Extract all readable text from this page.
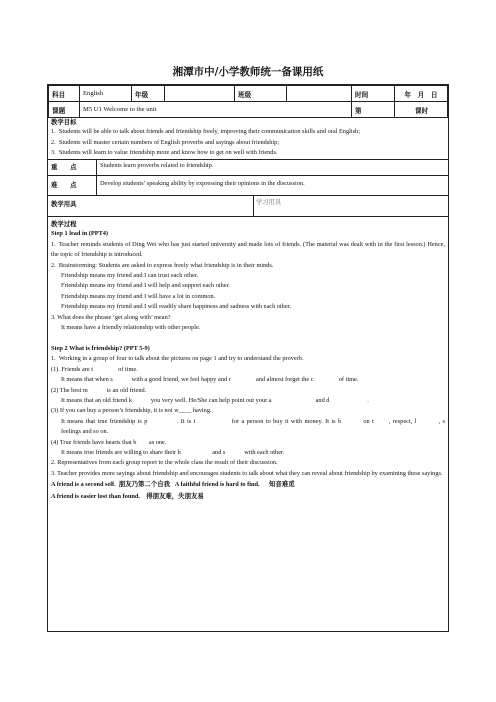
湘潭市中/小学教师统一备课用纸
科目	English	年级		班级		时间	年　月　日
课题	M5 U1 Welcome to the unit					第	课时
教学目标

1. Students will be able to talk about friends and friendship freely, improving their communication skills and oral English;

2. Students will master certain numbers of English proverbs and sayings about friendship;

3. Students will learn to value friendship more and know how to get on well with friends.

重　　点	Students learn proverbs related to friendship.
难　　点	Develop students’ speaking ability by expressing their opinions in the discussion.
教学用具	学习用具
教学过程

Step 1 lead in (PPT4)

1. Teacher reminds students of Ding Wei who has just started university and made lots of friends. (The material was dealt with in the first lesson.) Hence, the topic of friendship is introduced.

2. Brainstorming: Students are asked to express freely what friendship is in their minds.

Friendship means my friend and I can trust each other.

Friendship means my friend and I will help and support each other.

Friendship means my friend and I will have a lot in common.

Friendship means my friend and I will readily share happiness and sadness with each other.

3. What does the phrase ‘get along with’ mean?

It means have a friendly relationship with other people.

Step 2 What is friendship? (PPT 5-9)

1. Working in a group of four to talk about the pictures on page 1 and try to understand the proverb.

(1). Friends are t　　　　of time.

It means that when s　　　with a good friend, we feel happy and r　　　　and almost forget the c　　　　of time.

(2) The best m　　　is an old friend.

It means that an old friend k　　　you very well. He/She can help point out your a　　　　　　　and d　　　　　　.

(3) If you can buy a person’s friendship, it is not w____ having.

It means that true friendship is p　　　　. It is i　　　　　for a person to buy it with money. It is b　　　on t　　, respect, l　　　, s　　　feelings and so on.

(4) True friends have hearts that b　　as one.

It means true friends are willing to share their h　　　　　and s　　　with each other.

2. Representatives from each group report to the whole class the result of their discussion.

3. Teacher provides more sayings about friendship and encourages students to talk about what they can reveal about friendship by examining these sayings.

A friend is a second self. 朋友乃第二个自我 A faithful friend is hard to find. 知音难觅

A friend is easier lost than found. 得朋友难，失朋友易
